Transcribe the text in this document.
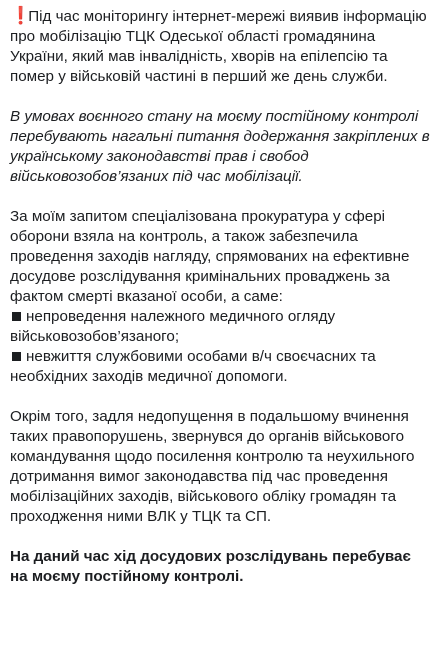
❗ Під час моніторингу інтернет-мережі виявив інформацію про мобілізацію ТЦК Одеської області громадянина України, який мав інвалідність, хворів на епілепсію та помер у військовій частині в перший же день служби.

В умовах воєнного стану на моєму постійному контролі перебувають нагальні питання додержання закріплених в українському законодавстві прав і свобод військовозобов’язаних під час мобілізації.

За моїм запитом спеціалізована прокуратура у сфері оборони взяла на контроль, а також забезпечила проведення заходів нагляду, спрямованих на ефективне досудове розслідування кримінальних проваджень за фактом смерті вказаної особи, а саме:

непроведення належного медичного огляду військовозобов’язаного;

невжиття службовими особами в/ч своєчасних та необхідних заходів медичної допомоги.

Окрім того, задля недопущення в подальшому вчинення таких правопорушень, звернувся до органів військового командування щодо посилення контролю та неухильного дотримання вимог законодавства під час проведення мобілізаційних заходів, військового обліку громадян та проходження ними ВЛК у ТЦК та СП.

На даний час хід досудових розслідувань перебуває на моєму постійному контролі.
